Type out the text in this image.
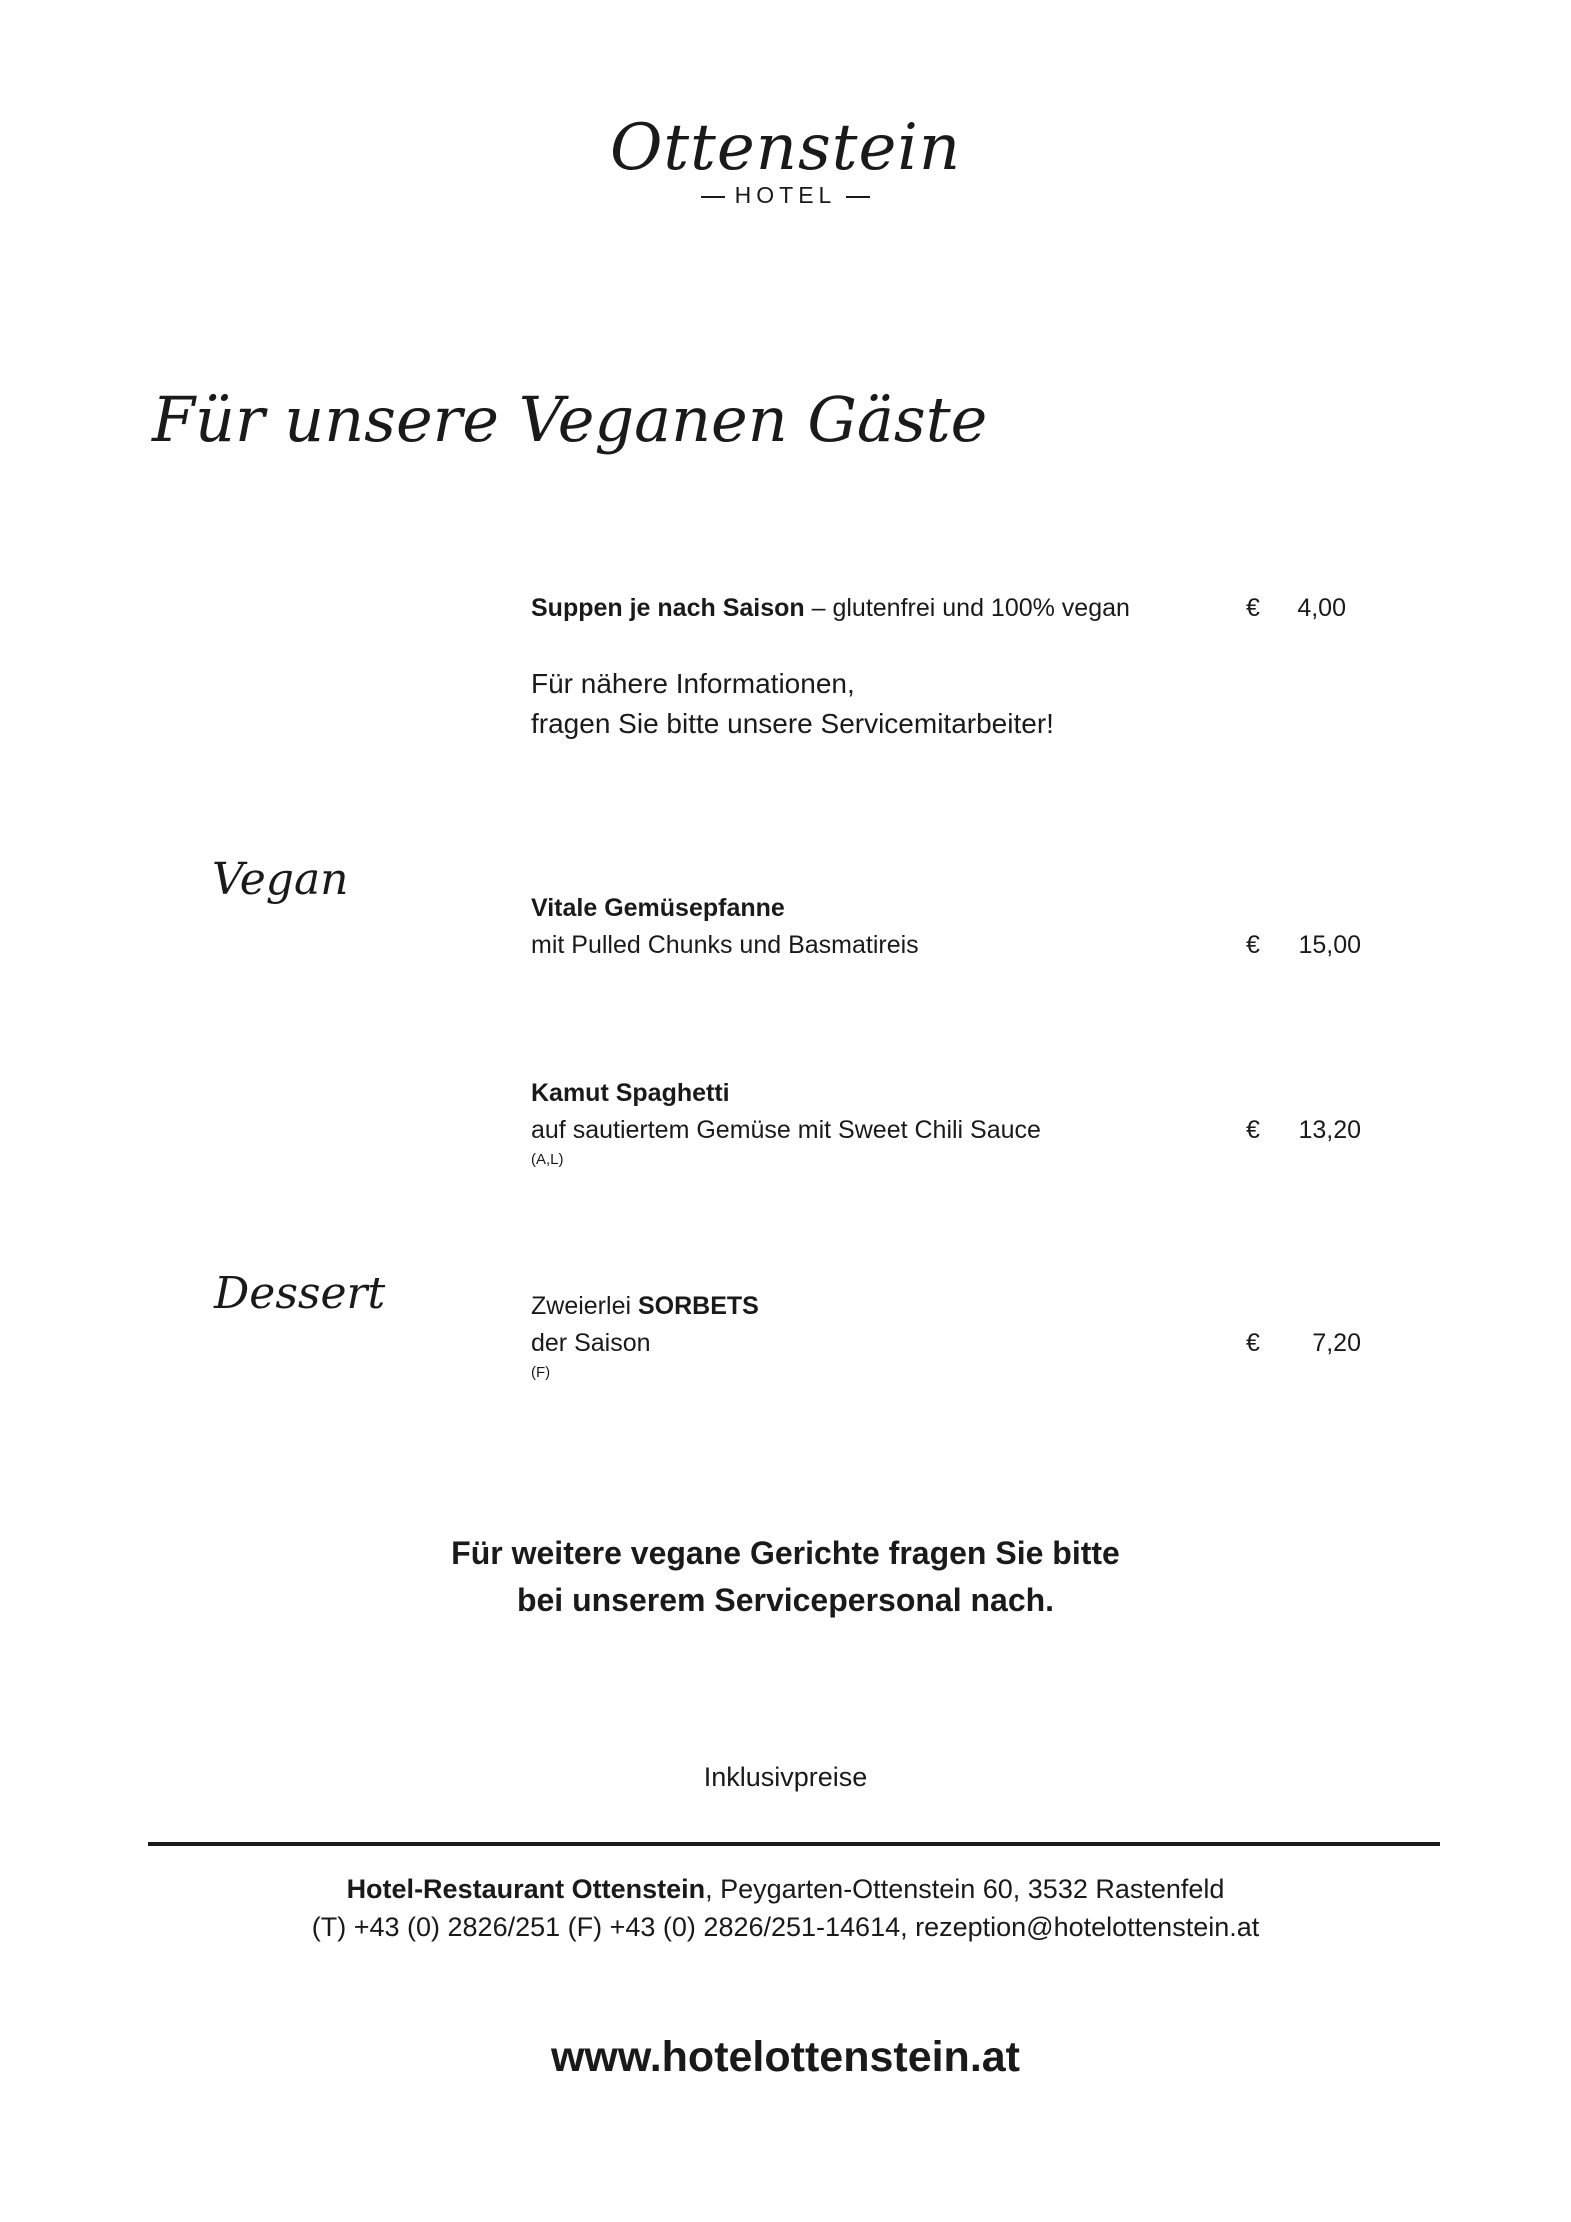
Ottenstein
HOTEL
Für unsere Veganen Gäste
Vegan
Dessert
Suppen je nach Saison – glutenfrei und 100% vegan	€ 4,00
Für nähere Informationen,
fragen Sie bitte unsere Servicemitarbeiter!
Vitale Gemüsepfanne
mit Pulled Chunks und Basmatireis	€ 15,00
Kamut Spaghetti
auf sautiertem Gemüse mit Sweet Chili Sauce
(A,L)
€ 13,20
Zweierlei SORBETS
der Saison
(F)
€ 7,20
Für weitere vegane Gerichte fragen Sie bitte
bei unserem Servicepersonal nach.
Inklusivpreise
Hotel-Restaurant Ottenstein, Peygarten-Ottenstein 60, 3532 Rastenfeld
(T) +43 (0) 2826/251 (F) +43 (0) 2826/251-14614, rezeption@hotelottenstein.at
www.hotelottenstein.at
